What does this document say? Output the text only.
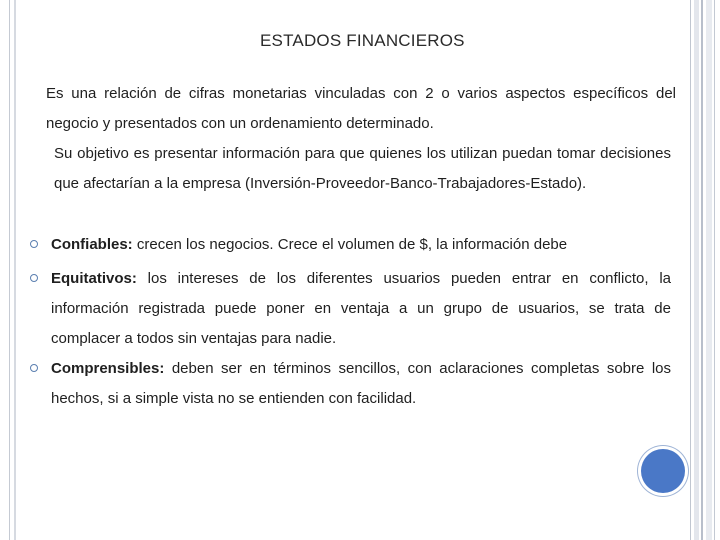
ESTADOS FINANCIEROS
Es una relación de cifras monetarias vinculadas con 2 o varios aspectos específicos del negocio y presentados con un ordenamiento determinado.
Su objetivo es presentar información para que quienes los utilizan puedan tomar decisiones que afectarían a la empresa (Inversión-Proveedor-Banco-Trabajadores-Estado).
Confiables: crecen los negocios. Crece el volumen de $, la información debe
Equitativos: los intereses de los diferentes usuarios pueden entrar en conflicto, la información registrada puede poner en ventaja a un grupo de usuarios, se trata de complacer a todos sin ventajas para nadie.
Comprensibles: deben ser en términos sencillos, con aclaraciones completas sobre los hechos, si a simple vista no se entienden con facilidad.
